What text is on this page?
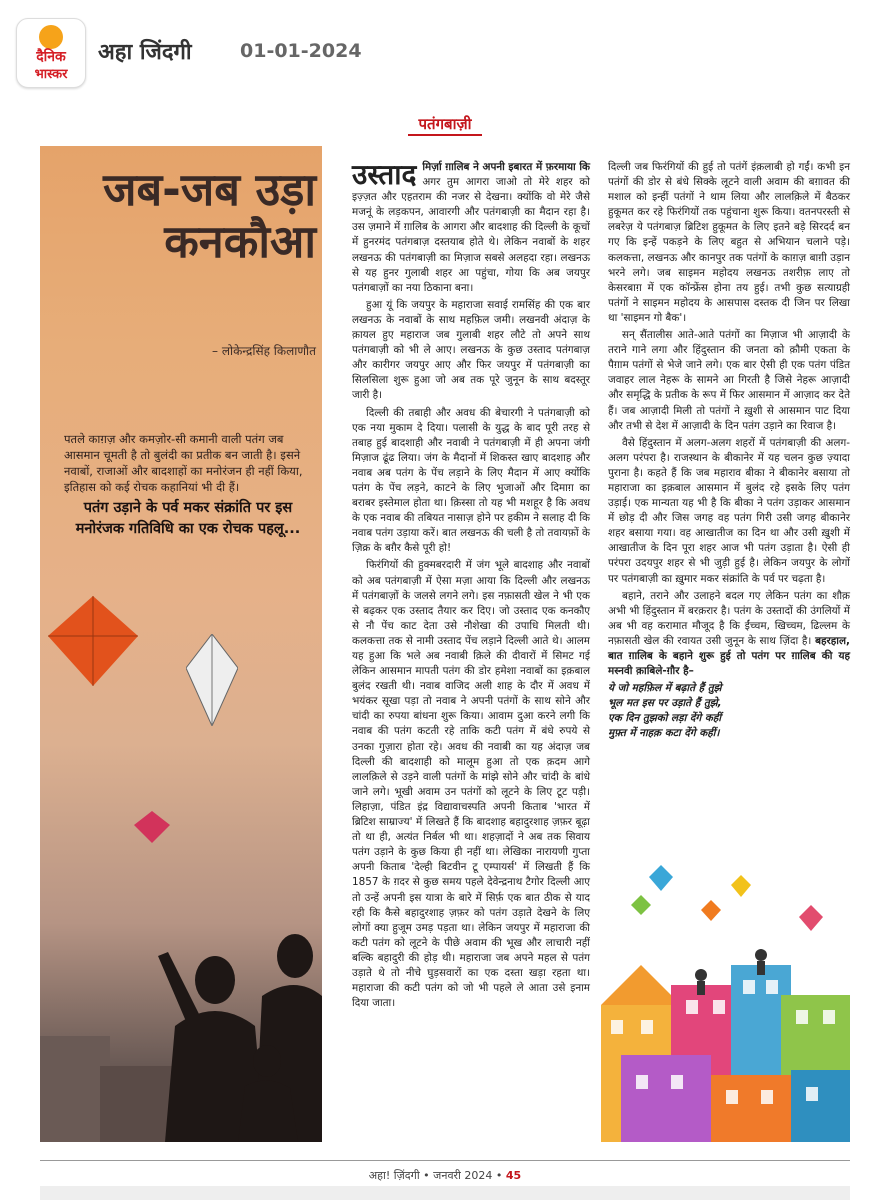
दैनिक
भास्कर
अहा जिंदगी	01-01-2024
पतंगबाज़ी
जब-जब उड़ा कनकौआ
– लोकेन्द्रसिंह किलाणौत
पतले काग़ज़ और कमज़ोर-सी कमानी वाली पतंग जब आसमान चूमती है तो बुलंदी का प्रतीक बन जाती है। इसने नवाबों, राजाओं और बादशाहों का मनोरंजन ही नहीं किया, इतिहास को कई रोचक कहानियां भी दी हैं।
पतंग उड़ाने के पर्व मकर संक्रांति पर इस मनोरंजक गतिविधि का एक रोचक पहलू...

उस्ताद मिर्ज़ा ग़ालिब ने अपनी इबारत में फ़रमाया कि अगर तुम आगरा जाओ तो मेरे शहर को इज़्ज़त और एहतराम की नजर से देखना। क्योंकि वो मेरे जैसे मजनूं के लड़कपन, आवारगी और पतंगबाज़ी का मैदान रहा है। उस ज़माने में ग़ालिब के आगरा और बादशाह की दिल्ली के कूचों में हुनरमंद पतंगबाज़ दस्तयाब होते थे। लेकिन नवाबों के शहर लखनऊ की पतंगबाज़ी का मिज़ाज सबसे अलहदा रहा। लखनऊ से यह हुनर गुलाबी शहर आ पहुंचा, गोया कि अब जयपुर पतंगबाज़ों का नया ठिकाना बना।

हुआ यूं कि जयपुर के महाराजा सवाई रामसिंह की एक बार लखनऊ के नवाबों के साथ महफ़िल जमी। लखनवी अंदाज़ के क़ायल हुए महाराज जब गुलाबी शहर लौटे तो अपने साथ पतंगबाज़ी को भी ले आए। लखनऊ के कुछ उस्ताद पतंगबाज़ और कारीगर जयपुर आए और फिर जयपुर में पतंगबाज़ी का सिलसिला शुरू हुआ जो अब तक पूरे जुनून के साथ बदस्तूर जारी है।

दिल्ली की तबाही और अवध की बेचारगी ने पतंगबाज़ी को एक नया मुकाम दे दिया। पलासी के युद्ध के बाद पूरी तरह से तबाह हुई बादशाही और नवाबी ने पतंगबाज़ी में ही अपना जंगी मिज़ाज ढूंढ लिया। जंग के मैदानों में शिकस्त खाए बादशाह और नवाब अब पतंग के पेंच लड़ाने के लिए मैदान में आए क्योंकि पतंग के पेंच लड़ने, काटने के लिए भुजाओं और दिमाग़ का बराबर इस्तेमाल होता था। क़िस्सा तो यह भी मशहूर है कि अवध के एक नवाब की तबियत नासाज़ होने पर हकीम ने सलाह दी कि नवाब पतंग उड़ाया करें। बात लखनऊ की चली है तो तवायफ़ों के ज़िक्र के बग़ैर कैसे पूरी हो!

फिरंगियों की हुक्मबरदारी में जंग भूले बादशाह और नवाबों को अब पतंगबाज़ी में ऐसा मज़ा आया कि दिल्ली और लखनऊ में पतंगबाज़ों के जलसे लगने लगे। इस नफ़ासती खेल ने भी एक से बढ़कर एक उस्ताद तैयार कर दिए। जो उस्ताद एक कनकौए से नौ पेंच काट देता उसे नौशेखा की उपाधि मिलती थी। कलकत्ता तक से नामी उस्ताद पेंच लड़ाने दिल्ली आते थे। आलम यह हुआ कि भले अब नवाबी क़िले की दीवारों में सिमट गई लेकिन आसमान मापती पतंग की डोर हमेशा नवाबों का इक़बाल बुलंद रखती थी। नवाब वाजिद अली शाह के दौर में अवध में भयंकर सूखा पड़ा तो नवाब ने अपनी पतंगों के साथ सोने और चांदी का रुपया बांधना शुरू किया। आवाम दुआ करने लगी कि नवाब की पतंग कटती रहे ताकि कटी पतंग में बंधे रुपये से उनका गुज़ारा होता रहे। अवध की नवाबी का यह अंदाज़ जब दिल्ली की बादशाही को मालूम हुआ तो एक क़दम आगे लालक़िले से उड़ने वाली पतंगों के मांझे सोने और चांदी के बांधे जाने लगे। भूखी अवाम उन पतंगों को लूटने के लिए टूट पड़ी। लिहाज़ा, पंडित इंद्र विद्यावाचस्पति अपनी किताब 'भारत में ब्रिटिश साम्राज्य' में लिखते हैं कि बादशाह बहादुरशाह ज़फ़र बूढ़ा तो था ही, अत्यंत निर्बल भी था। शहज़ादों ने अब तक सिवाय पतंग उड़ाने के कुछ किया ही नहीं था। लेखिका नारायणी गुप्ता अपनी किताब 'देल्ही बिटवीन टू एम्पायर्स' में लिखती हैं कि 1857 के ग़दर से कुछ समय पहले देवेन्द्रनाथ टैगोर दिल्ली आए तो उन्हें अपनी इस यात्रा के बारे में सिर्फ़ एक बात ठीक से याद रही कि कैसे बहादुरशाह ज़फ़र को पतंग उड़ाते देखने के लिए लोगों क्या हुजूम उमड़ पड़ता था। लेकिन जयपुर में महाराजा की कटी पतंग को लूटने के पीछे अवाम की भूख और लाचारी नहीं बल्कि बहादुरी की होड़ थी। महाराजा जब अपने महल से पतंग उड़ाते थे तो नीचे घुड़सवारों का एक दस्ता खड़ा रहता था। महाराजा की कटी पतंग को जो भी पहले ले आता उसे इनाम दिया जाता।

दिल्ली जब फिरंगियों की हुई तो पतंगें इंक़लाबी हो गईं। कभी इन पतंगों की डोर से बंधे सिक्के लूटने वाली अवाम की बग़ावत की मशाल को इन्हीं पतंगों ने थाम लिया और लालक़िले में बैठकर हुकूमत कर रहे फिरंगियों तक पहुंचाना शुरू किया। वतनपरस्ती से लबरेज़ ये पतंगबाज़ ब्रिटिश हुकूमत के लिए इतने बड़े सिरदर्द बन गए कि इन्हें पकड़ने के लिए बहुत से अभियान चलाने पड़े। कलकत्ता, लखनऊ और कानपुर तक पतंगों के काग़ज़ बाग़ी उड़ान भरने लगे। जब साइमन महोदय लखनऊ तशरीफ़ लाए तो केसरबाग़ में एक कॉन्फ्रेंस होना तय हुई। तभी कुछ सत्याग्रही पतंगों ने साइमन महोदय के आसपास दस्तक दी जिन पर लिखा था 'साइमन गो बैक'।

सन् सैंतालीस आते-आते पतंगों का मिज़ाज भी आज़ादी के तराने गाने लगा और हिंदुस्तान की जनता को क़ौमी एकता के पैग़ाम पतंगों से भेजे जाने लगे। एक बार ऐसी ही एक पतंग पंडित जवाहर लाल नेहरू के सामने आ गिरती है जिसे नेहरू आज़ादी और समृद्धि के प्रतीक के रूप में फिर आसमान में आज़ाद कर देते हैं। जब आज़ादी मिली तो पतंगों ने ख़ुशी से आसमान पाट दिया और तभी से देश में आज़ादी के दिन पतंग उड़ाने का रिवाज है।

वैसे हिंदुस्तान में अलग-अलग शहरों में पतंगबाज़ी की अलग-अलग परंपरा है। राजस्थान के बीकानेर में यह चलन कुछ ज़्यादा पुराना है। कहते हैं कि जब महाराव बीका ने बीकानेर बसाया तो महाराजा का इक़बाल आसमान में बुलंद रहे इसके लिए पतंग उड़ाई। एक मान्यता यह भी है कि बीका ने पतंग उड़ाकर आसमान में छोड़ दी और जिस जगह वह पतंग गिरी उसी जगह बीकानेर शहर बसाया गया। वह आखातीज का दिन था और उसी ख़ुशी में आखातीज के दिन पूरा शहर आज भी पतंग उड़ाता है। ऐसी ही परंपरा उदयपुर शहर से भी जुड़ी हुई है। लेकिन जयपुर के लोगों पर पतंगबाज़ी का ख़ुमार मकर संक्रांति के पर्व पर चढ़ता है।

बहाने, तराने और उलाहने बदल गए लेकिन पतंग का शौक़ अभी भी हिंदुस्तान में बरक़रार है। पतंग के उस्तादों की उंगलियों में अब भी वह करामात मौजूद है कि ईंच्चम, खिच्चम, ढिल्लम के नफ़ासती खेल की रवायत उसी जुनून के साथ ज़िंदा है। बहरहाल, बात ग़ालिब के बहाने शुरू हुई तो पतंग पर ग़ालिब की यह मस्नवी क़ाबिले-ग़ौर है–

ये जो महफ़िल में बढ़ाते हैं तुझे
भूल मत इस पर उड़ाते हैं तुझे,
एक दिन तुझको लड़ा देंगे कहीं
मुफ़्त में नाहक़ कटा देंगे कहीं।
अहा! ज़िंदगी • जनवरी 2024 • 45
